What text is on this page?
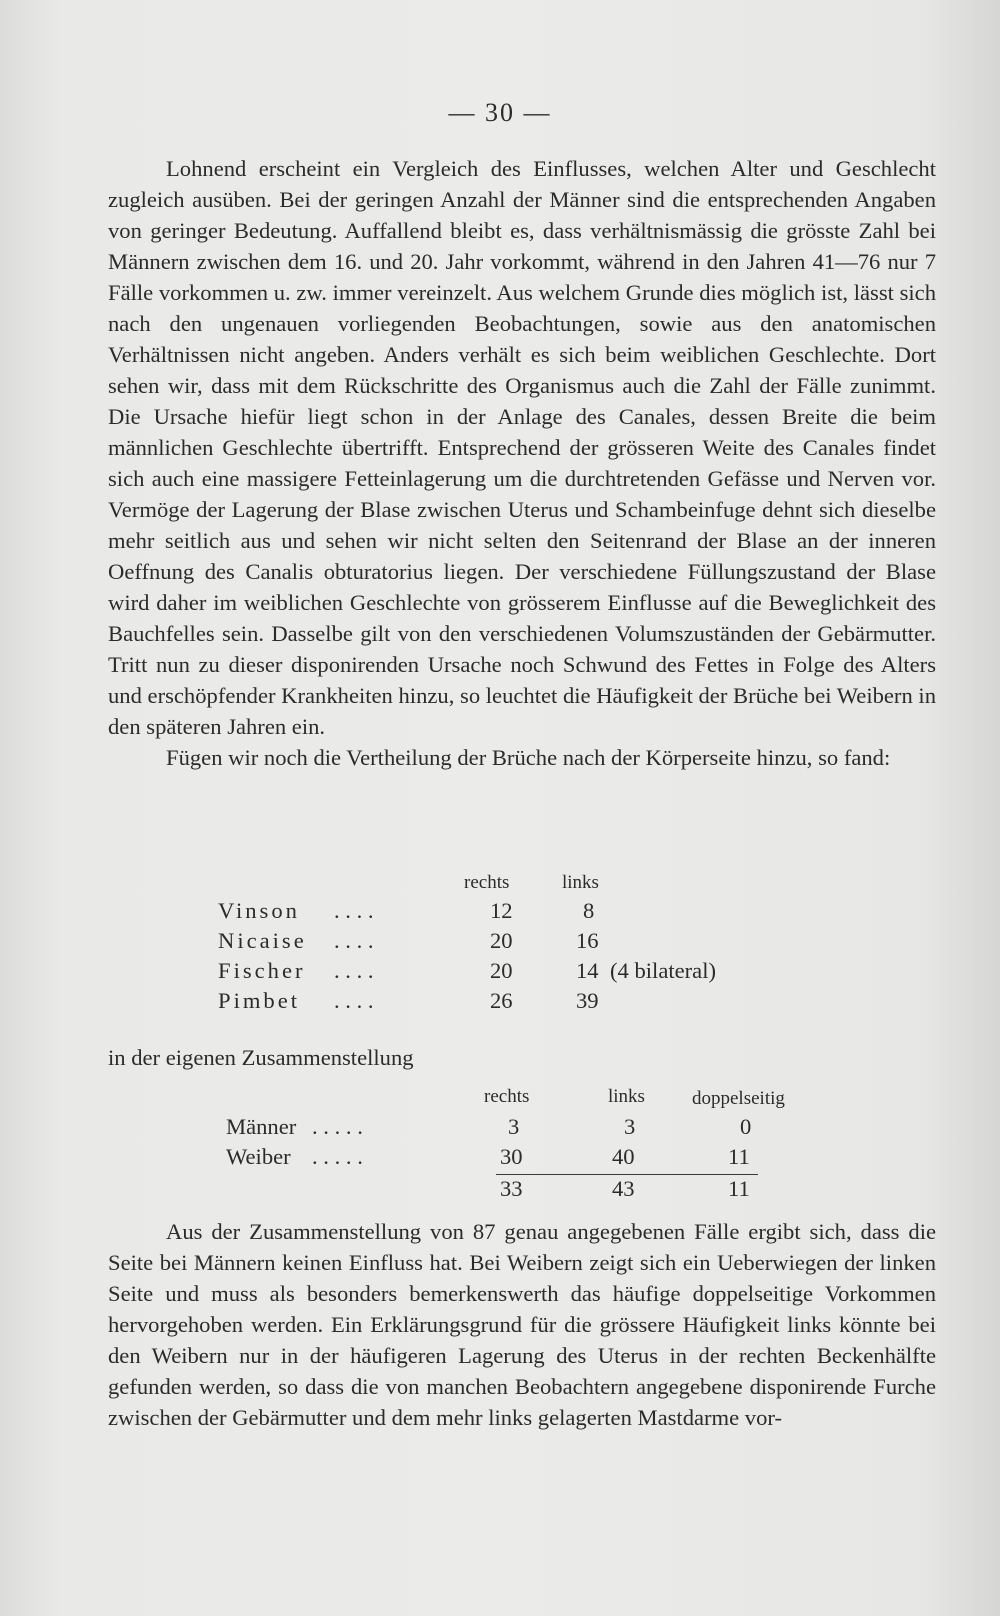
— 30 —

Lohnend erscheint ein Vergleich des Einflusses, welchen Alter und Geschlecht zugleich ausüben. Bei der geringen Anzahl der Männer sind die entsprechenden Angaben von geringer Bedeutung. Auffallend bleibt es, dass verhältnismässig die grösste Zahl bei Männern zwischen dem 16. und 20. Jahr vorkommt, während in den Jahren 41—76 nur 7 Fälle vorkommen u. zw. immer vereinzelt. Aus welchem Grunde dies möglich ist, lässt sich nach den ungenauen vorliegenden Beobachtungen, sowie aus den anatomischen Verhältnissen nicht angeben. Anders verhält es sich beim weiblichen Geschlechte. Dort sehen wir, dass mit dem Rückschritte des Organismus auch die Zahl der Fälle zunimmt. Die Ursache hiefür liegt schon in der Anlage des Canales, dessen Breite die beim männlichen Geschlechte übertrifft. Entsprechend der grösseren Weite des Canales findet sich auch eine massigere Fetteinlagerung um die durchtretenden Gefässe und Nerven vor. Vermöge der Lagerung der Blase zwischen Uterus und Schambeinfuge dehnt sich dieselbe mehr seitlich aus und sehen wir nicht selten den Seitenrand der Blase an der inneren Oeffnung des Canalis obturatorius liegen. Der verschiedene Füllungszustand der Blase wird daher im weiblichen Geschlechte von grösserem Einflusse auf die Beweglichkeit des Bauchfelles sein. Dasselbe gilt von den verschiedenen Volumszuständen der Gebärmutter. Tritt nun zu dieser disponirenden Ursache noch Schwund des Fettes in Folge des Alters und erschöpfender Krankheiten hinzu, so leuchtet die Häufigkeit der Brüche bei Weibern in den späteren Jahren ein.

Fügen wir noch die Vertheilung der Brüche nach der Körperseite hinzu, so fand:

rechts	links
Vinson . . . .	12	8
Nicaise . . . .	20	16
Fischer . . . .	20	14 (4 bilateral)
Pimbet . . . .	26	39
in der eigenen Zusammenstellung
rechts	links doppelseitig
Männer . . . . .	3	3	0
Weiber . . . . .	30	40	11
33	43	11

Aus der Zusammenstellung von 87 genau angegebenen Fälle ergibt sich, dass die Seite bei Männern keinen Einfluss hat. Bei Weibern zeigt sich ein Ueberwiegen der linken Seite und muss als besonders bemerkenswerth das häufige doppelseitige Vorkommen hervorgehoben werden. Ein Erklärungsgrund für die grössere Häufigkeit links könnte bei den Weibern nur in der häufigeren Lagerung des Uterus in der rechten Beckenhälfte gefunden werden, so dass die von manchen Beobachtern angegebene disponirende Furche zwischen der Gebärmutter und dem mehr links gelagerten Mastdarme vor-
